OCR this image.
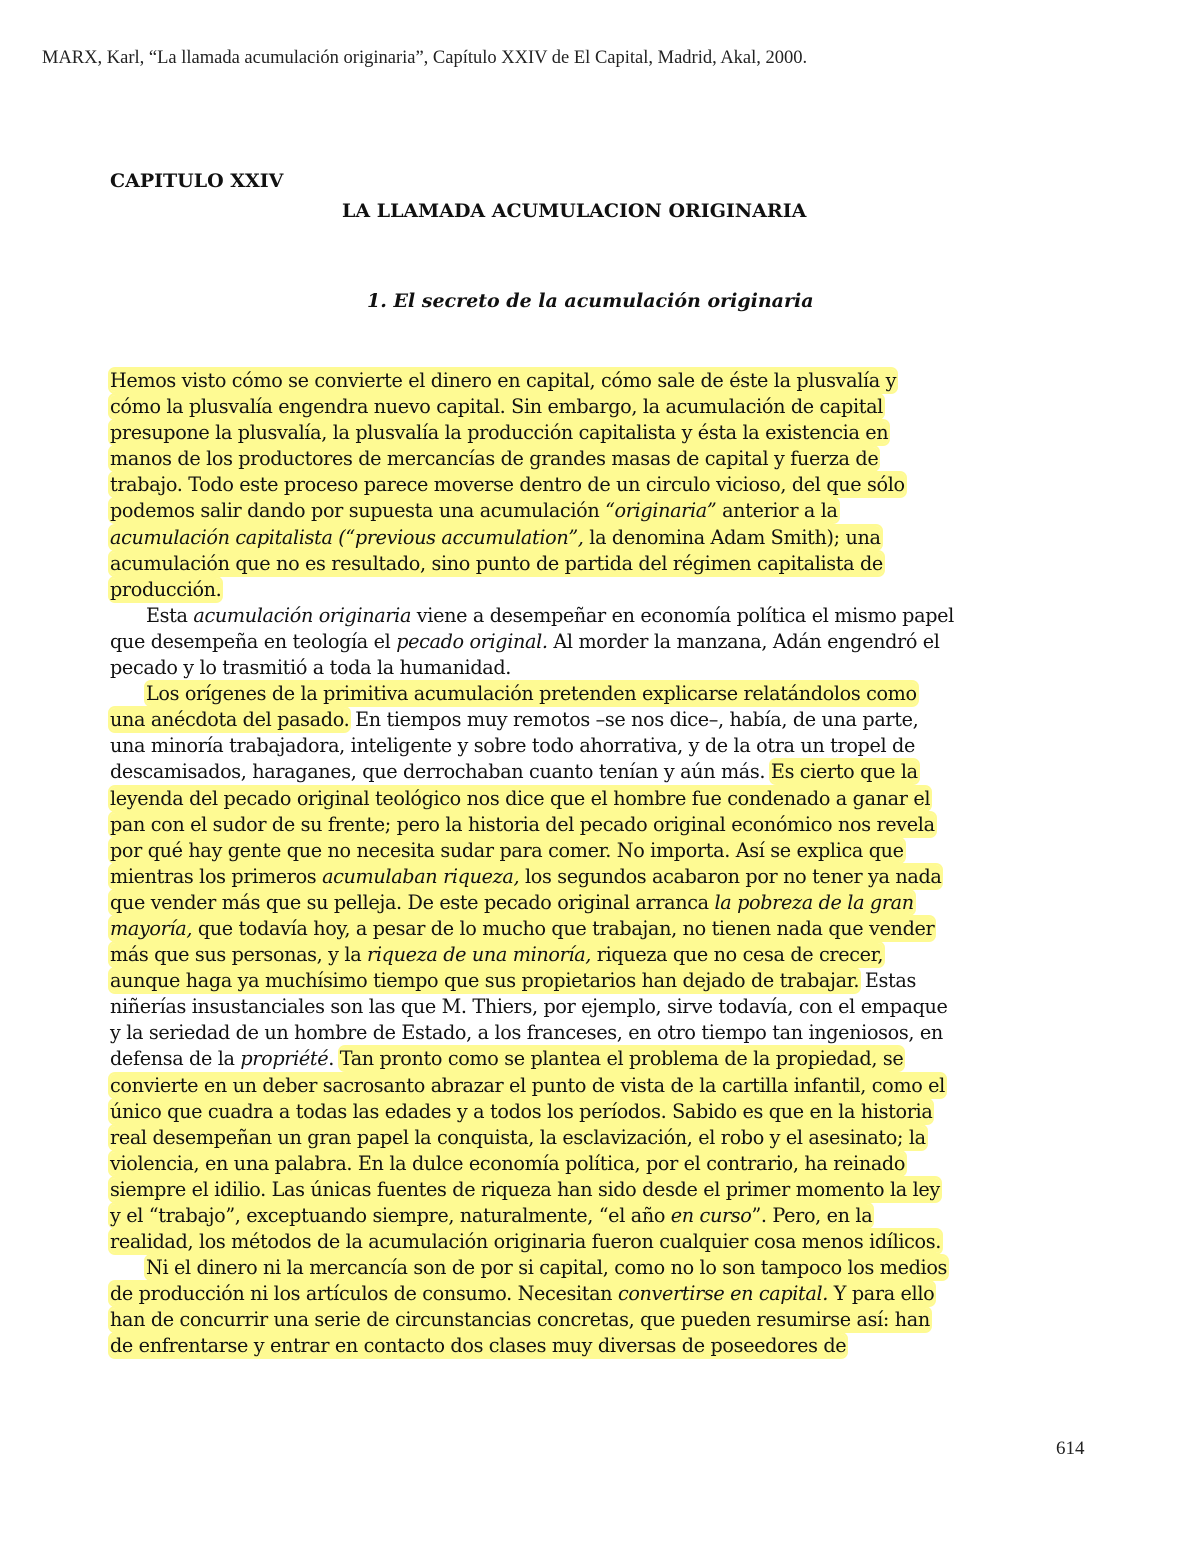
MARX, Karl, “La llamada acumulación originaria”, Capítulo XXIV de El Capital, Madrid, Akal, 2000.
CAPITULO XXIV
LA LLAMADA ACUMULACION ORIGINARIA
1. El secreto de la acumulación originaria
Hemos visto cómo se convierte el dinero en capital, cómo sale de éste la plusvalía y
cómo la plusvalía engendra nuevo capital. Sin embargo, la acumulación de capital
presupone la plusvalía, la plusvalía la producción capitalista y ésta la existencia en
manos de los productores de mercancías de grandes masas de capital y fuerza de
trabajo. Todo este proceso parece moverse dentro de un circulo vicioso, del que sólo
podemos salir dando por supuesta una acumulación “originaria” anterior a la
acumulación capitalista (“previous accumulation”, la denomina Adam Smith); una
acumulación que no es resultado, sino punto de partida del régimen capitalista de
producción.
Esta acumulación originaria viene a desempeñar en economía política el mismo papel
que desempeña en teología el pecado original. Al morder la manzana, Adán engendró el
pecado y lo trasmitió a toda la humanidad.
Los orígenes de la primitiva acumulación pretenden explicarse relatándolos como
una anécdota del pasado. En tiempos muy remotos –se nos dice–, había, de una parte,
una minoría trabajadora, inteligente y sobre todo ahorrativa, y de la otra un tropel de
descamisados, haraganes, que derrochaban cuanto tenían y aún más. Es cierto que la
leyenda del pecado original teológico nos dice que el hombre fue condenado a ganar el
pan con el sudor de su frente; pero la historia del pecado original económico nos revela
por qué hay gente que no necesita sudar para comer. No importa. Así se explica que
mientras los primeros acumulaban riqueza, los segundos acabaron por no tener ya nada
que vender más que su pelleja. De este pecado original arranca la pobreza de la gran
mayoría, que todavía hoy, a pesar de lo mucho que trabajan, no tienen nada que vender
más que sus personas, y la riqueza de una minoría, riqueza que no cesa de crecer,
aunque haga ya muchísimo tiempo que sus propietarios han dejado de trabajar. Estas
niñerías insustanciales son las que M. Thiers, por ejemplo, sirve todavía, con el empaque
y la seriedad de un hombre de Estado, a los franceses, en otro tiempo tan ingeniosos, en
defensa de la propriété. Tan pronto como se plantea el problema de la propiedad, se
convierte en un deber sacrosanto abrazar el punto de vista de la cartilla infantil, como el
único que cuadra a todas las edades y a todos los períodos. Sabido es que en la historia
real desempeñan un gran papel la conquista, la esclavización, el robo y el asesinato; la
violencia, en una palabra. En la dulce economía política, por el contrario, ha reinado
siempre el idilio. Las únicas fuentes de riqueza han sido desde el primer momento la ley
y el “trabajo”, exceptuando siempre, naturalmente, “el año en curso”. Pero, en la
realidad, los métodos de la acumulación originaria fueron cualquier cosa menos idílicos.
Ni el dinero ni la mercancía son de por si capital, como no lo son tampoco los medios
de producción ni los artículos de consumo. Necesitan convertirse en capital. Y para ello
han de concurrir una serie de circunstancias concretas, que pueden resumirse así: han
de enfrentarse y entrar en contacto dos clases muy diversas de poseedores de
614
